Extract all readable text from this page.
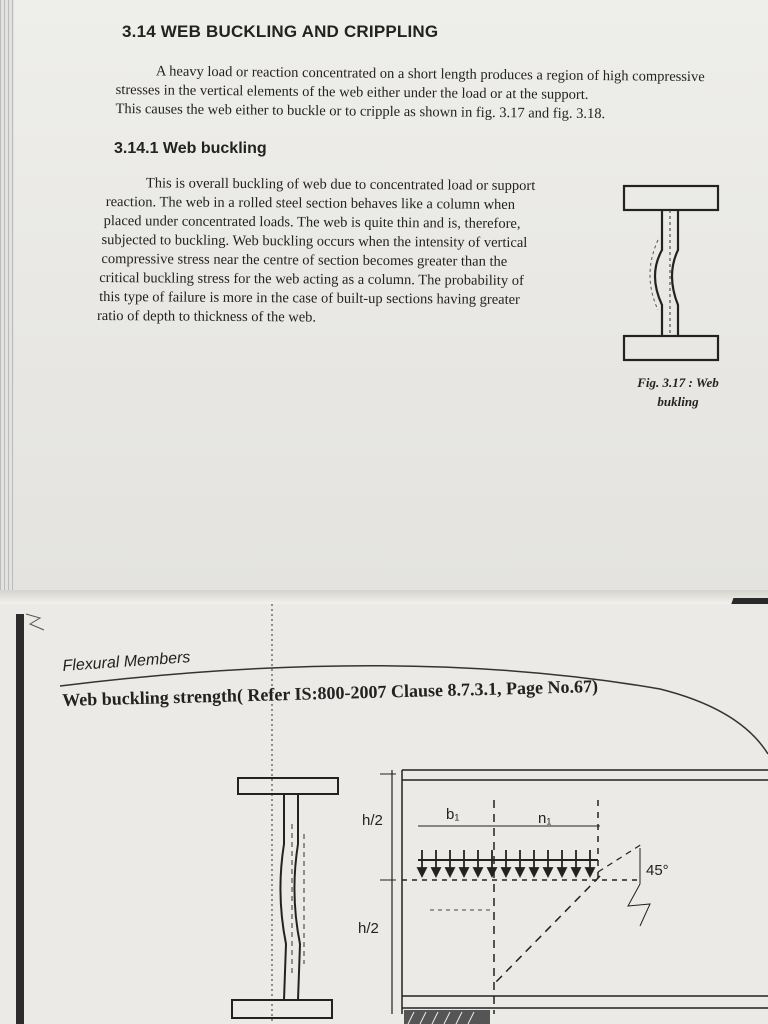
3.14 WEB BUCKLING AND CRIPPLING
A heavy load or reaction concentrated on a short length produces a region of high compressive
stresses in the vertical elements of the web either under the load or at the support.
This causes the web either to buckle or to cripple as shown in fig. 3.17 and fig. 3.18.
3.14.1 Web buckling
This is overall buckling of web due to concentrated load or support
reaction. The web in a rolled steel section behaves like a column when
placed under concentrated loads. The web is quite thin and is, therefore,
subjected to buckling. Web buckling occurs when the intensity of vertical
compressive stress near the centre of section becomes greater than the
critical buckling stress for the web acting as a column. The probability of
this type of failure is more in the case of built-up sections having greater
ratio of depth to thickness of the web.
Fig. 3.17 : Web
bukling
Flexural Members
Web buckling strength( Refer IS:800-2007 Clause 8.7.3.1, Page No.67)
h/2
h/2
b₁	n₁
45°
